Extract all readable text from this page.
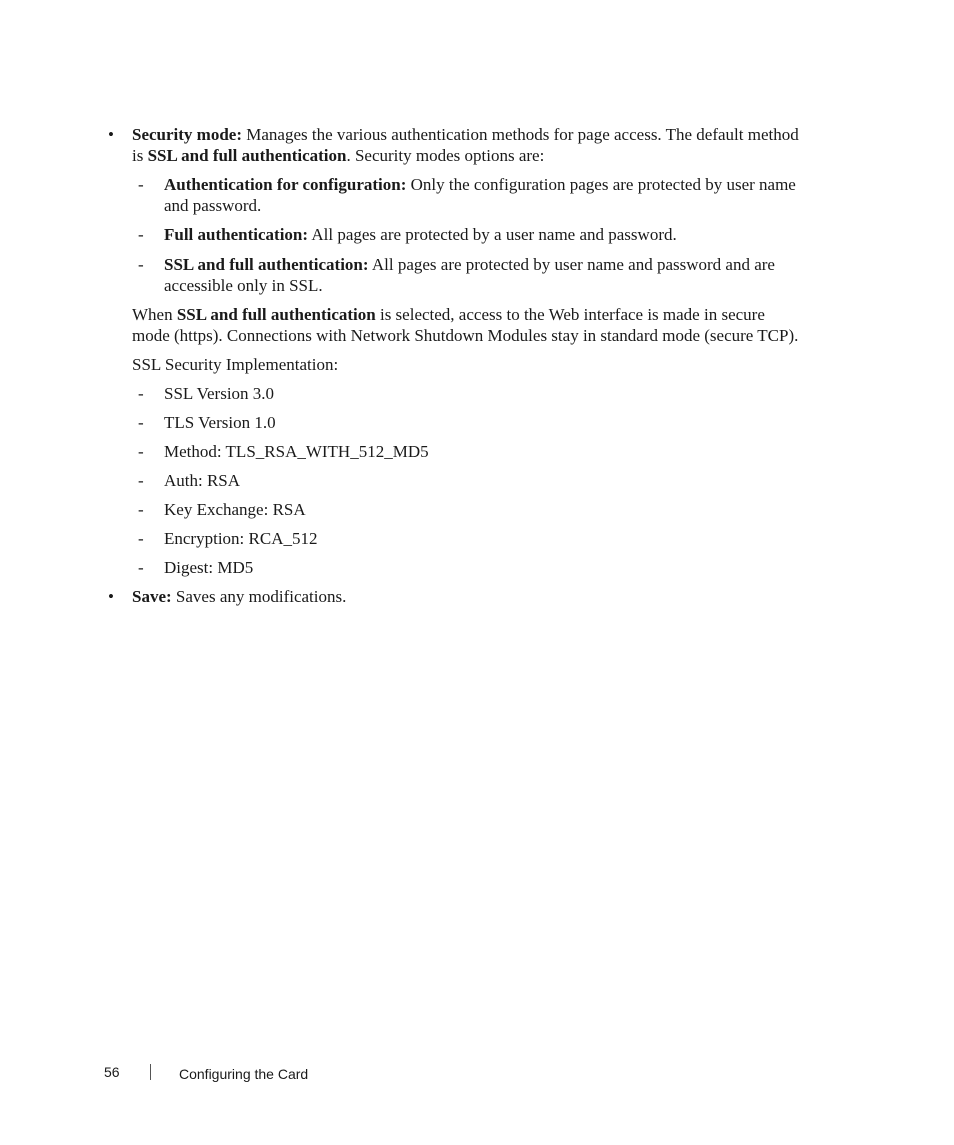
• Security mode: Manages the various authentication methods for page access. The default method
is SSL and full authentication. Security modes options are:
- Authentication for configuration: Only the configuration pages are protected by user name
and password.
- Full authentication: All pages are protected by a user name and password.
- SSL and full authentication: All pages are protected by user name and password and are
accessible only in SSL.
When SSL and full authentication is selected, access to the Web interface is made in secure
mode (https). Connections with Network Shutdown Modules stay in standard mode (secure TCP).
SSL Security Implementation:
- SSL Version 3.0
- TLS Version 1.0
- Method: TLS_RSA_WITH_512_MD5
- Auth: RSA
- Key Exchange: RSA
- Encryption: RCA_512
- Digest: MD5
• Save: Saves any modifications.
56	Configuring the Card
